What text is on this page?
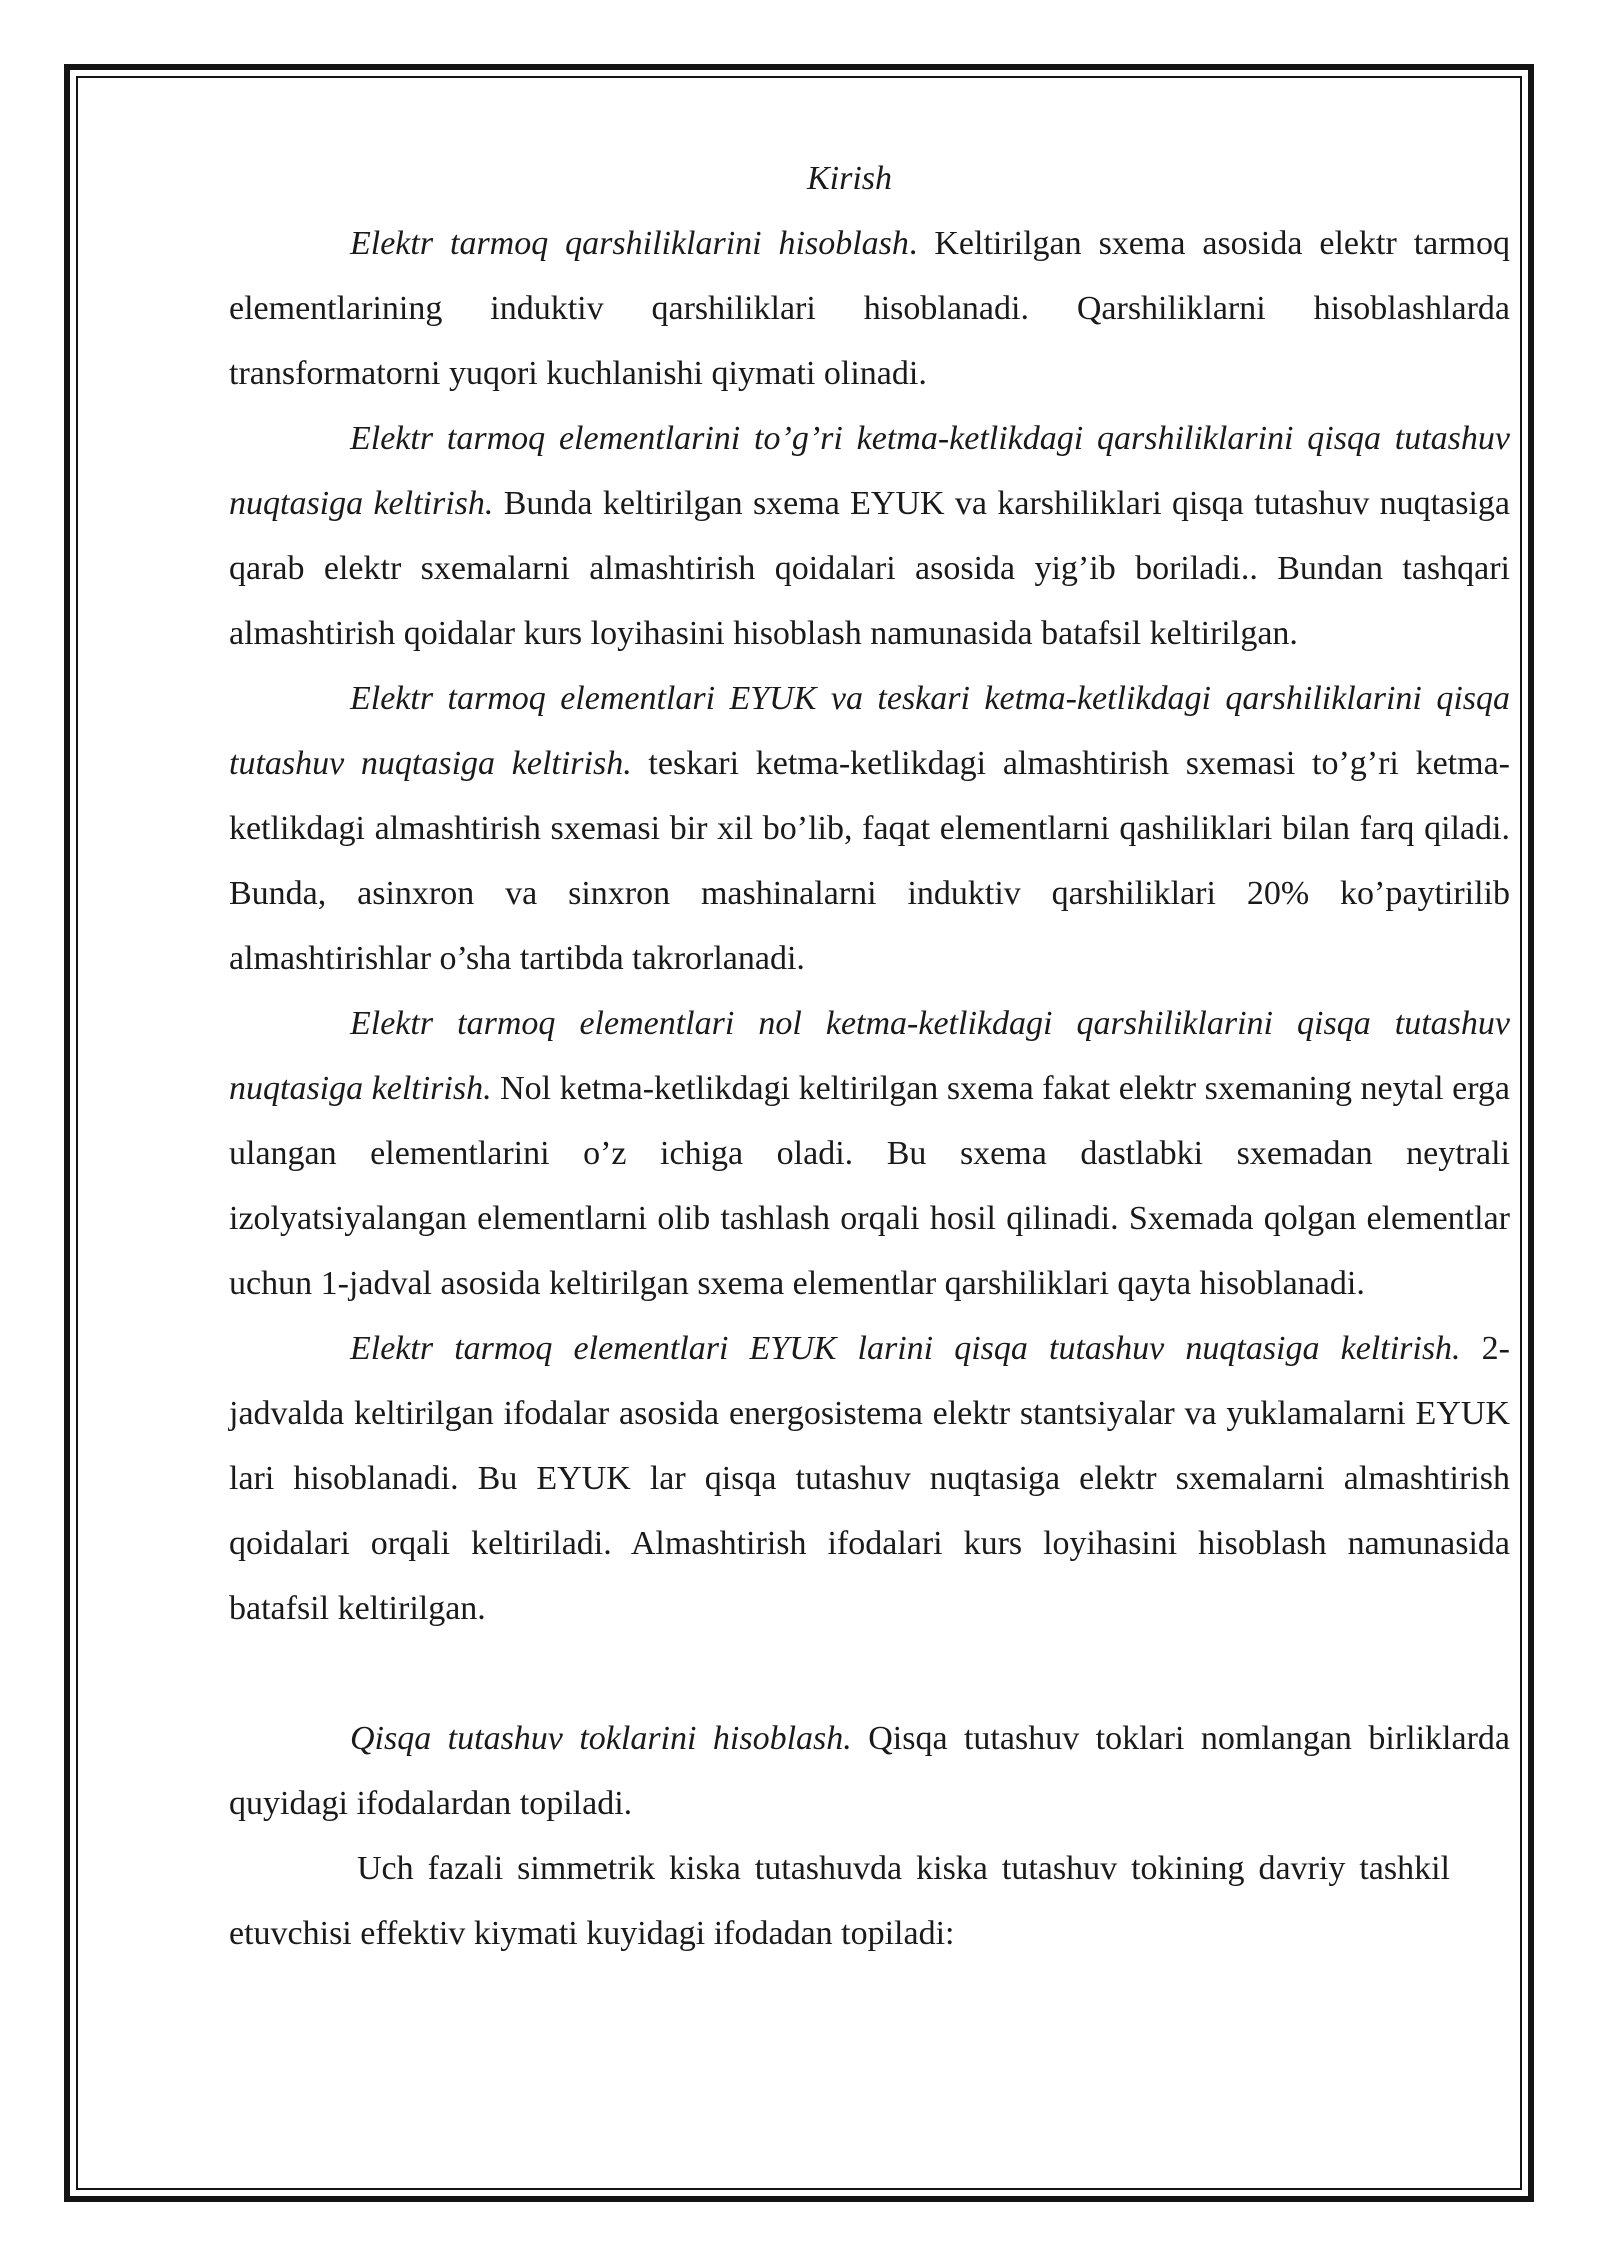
Kirish

Elektr tarmoq qarshiliklarini hisoblash. Keltirilgan sxema asosida elektr tarmoq elementlarining induktiv qarshiliklari hisoblanadi. Qarshiliklarni hisoblashlarda transformatorni yuqori kuchlanishi qiymati olinadi.

Elektr tarmoq elementlarini to’g’ri ketma-ketlikdagi qarshiliklarini qisqa tutashuv nuqtasiga keltirish. Bunda keltirilgan sxema EYUK va karshiliklari qisqa tutashuv nuqtasiga qarab elektr sxemalarni almashtirish qoidalari asosida yig’ib boriladi.. Bundan tashqari almashtirish qoidalar kurs loyihasini hisoblash namunasida batafsil keltirilgan.

Elektr tarmoq elementlari EYUK va teskari ketma-ketlikdagi qarshiliklarini qisqa tutashuv nuqtasiga keltirish. teskari ketma-ketlikdagi almashtirish sxemasi to’g’ri ketma-ketlikdagi almashtirish sxemasi bir xil bo’lib, faqat elementlarni qashiliklari bilan farq qiladi. Bunda, asinxron va sinxron mashinalarni induktiv qarshiliklari 20% ko’paytirilib almashtirishlar o’sha tartibda takrorlanadi.

Elektr tarmoq elementlari nol ketma-ketlikdagi qarshiliklarini qisqa tutashuv nuqtasiga keltirish. Nol ketma-ketlikdagi keltirilgan sxema fakat elektr sxemaning neytal erga ulangan elementlarini o’z ichiga oladi. Bu sxema dastlabki sxemadan neytrali izolyatsiyalangan elementlarni olib tashlash orqali hosil qilinadi. Sxemada qolgan elementlar uchun 1-jadval asosida keltirilgan sxema elementlar qarshiliklari qayta hisoblanadi.

Elektr tarmoq elementlari EYUK larini qisqa tutashuv nuqtasiga keltirish. 2-jadvalda keltirilgan ifodalar asosida energosistema elektr stantsiyalar va yuklamalarni EYUK lari hisoblanadi. Bu EYUK lar qisqa tutashuv nuqtasiga elektr sxemalarni almashtirish qoidalari orqali keltiriladi. Almashtirish ifodalari kurs loyihasini hisoblash namunasida batafsil keltirilgan.

Qisqa tutashuv toklarini hisoblash. Qisqa tutashuv toklari nomlangan birliklarda quyidagi ifodalardan topiladi.

Uch fazali simmetrik kiska tutashuvda kiska tutashuv tokining davriy tashkil etuvchisi effektiv kiymati kuyidagi ifodadan topiladi:
